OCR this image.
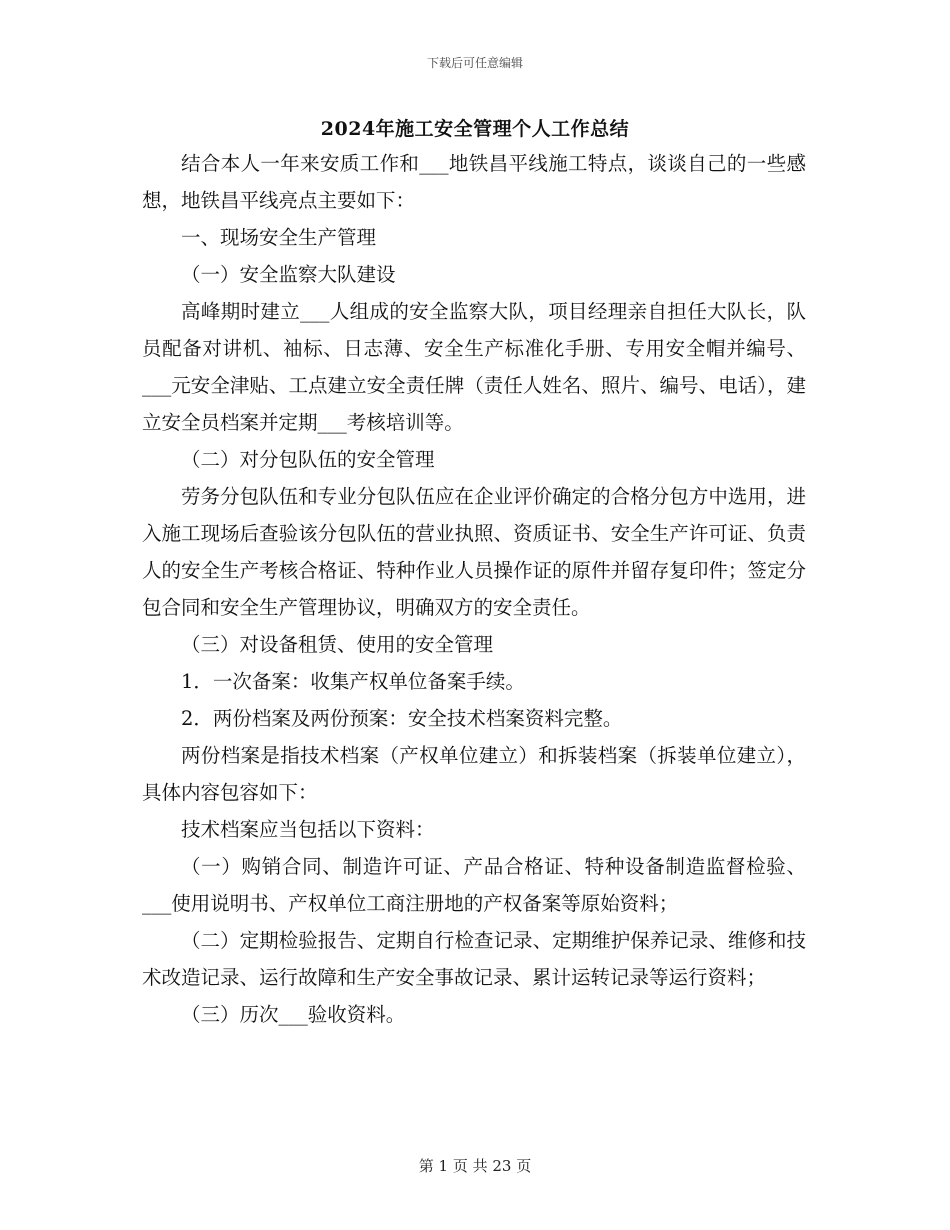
下载后可任意编辑
2024年施工安全管理个人工作总结

结合本人一年来安质工作和___地铁昌平线施工特点，谈谈自己的一些感想，地铁昌平线亮点主要如下：

一、现场安全生产管理

（一）安全监察大队建设

高峰期时建立___人组成的安全监察大队，项目经理亲自担任大队长，队员配备对讲机、袖标、日志薄、安全生产标准化手册、专用安全帽并编号、___元安全津贴、工点建立安全责任牌（责任人姓名、照片、编号、电话），建立安全员档案并定期___考核培训等。

（二）对分包队伍的安全管理

劳务分包队伍和专业分包队伍应在企业评价确定的合格分包方中选用，进入施工现场后查验该分包队伍的营业执照、资质证书、安全生产许可证、负责人的安全生产考核合格证、特种作业人员操作证的原件并留存复印件；签定分包合同和安全生产管理协议，明确双方的安全责任。

（三）对设备租赁、使用的安全管理

1．一次备案：收集产权单位备案手续。

2．两份档案及两份预案：安全技术档案资料完整。

两份档案是指技术档案（产权单位建立）和拆装档案（拆装单位建立），具体内容包容如下：

技术档案应当包括以下资料：

（一）购销合同、制造许可证、产品合格证、特种设备制造监督检验、___使用说明书、产权单位工商注册地的产权备案等原始资料；

（二）定期检验报告、定期自行检查记录、定期维护保养记录、维修和技术改造记录、运行故障和生产安全事故记录、累计运转记录等运行资料；

（三）历次___验收资料。

第 1 页 共 23 页
